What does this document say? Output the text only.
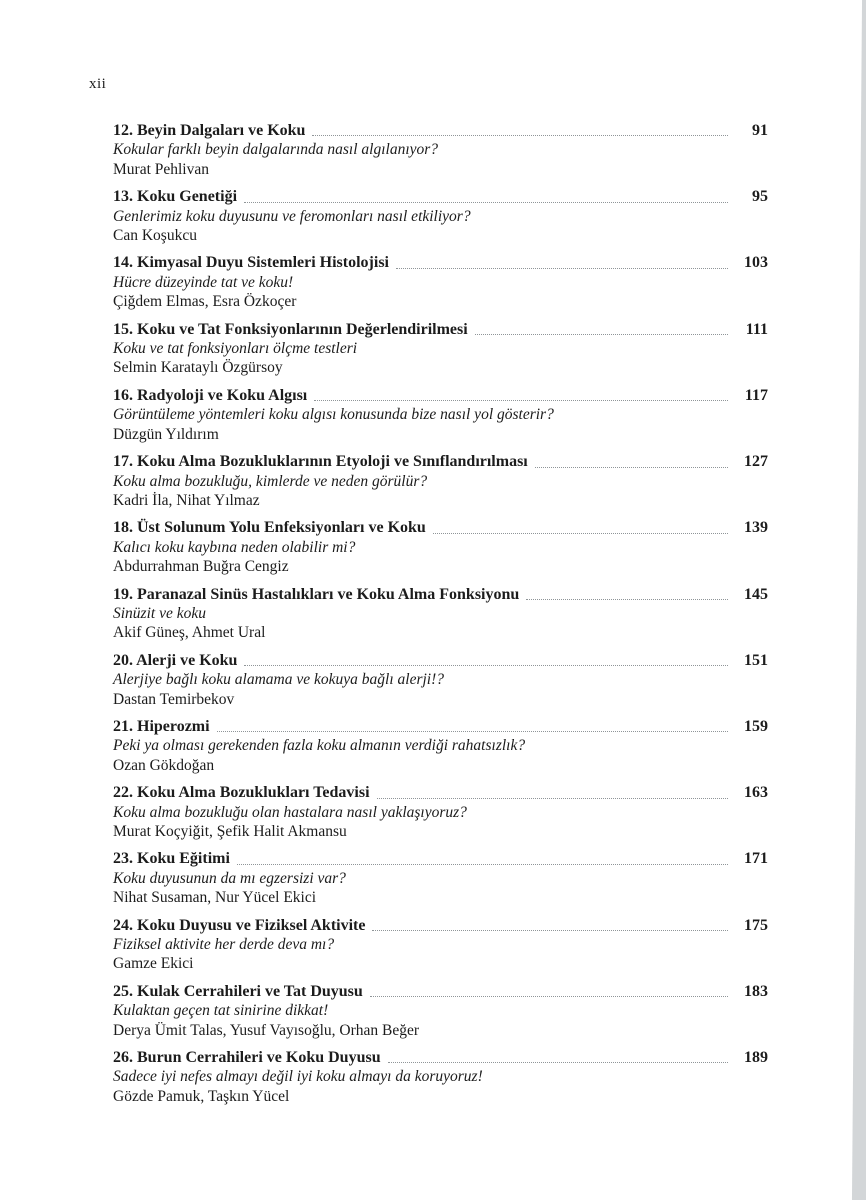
xii
12. Beyin Dalgaları ve Koku	91
Kokular farklı beyin dalgalarında nasıl algılanıyor?
Murat Pehlivan
13. Koku Genetiği	95
Genlerimiz koku duyusunu ve feromonları nasıl etkiliyor?
Can Koşukcu
14. Kimyasal Duyu Sistemleri Histolojisi	103
Hücre düzeyinde tat ve koku!
Çiğdem Elmas, Esra Özkoçer
15. Koku ve Tat Fonksiyonlarının Değerlendirilmesi	111
Koku ve tat fonksiyonları ölçme testleri
Selmin Karataylı Özgürsoy
16. Radyoloji ve Koku Algısı	117
Görüntüleme yöntemleri koku algısı konusunda bize nasıl yol gösterir?
Düzgün Yıldırım
17. Koku Alma Bozukluklarının Etyoloji ve Sınıflandırılması	127
Koku alma bozukluğu, kimlerde ve neden görülür?
Kadri İla, Nihat Yılmaz
18. Üst Solunum Yolu Enfeksiyonları ve Koku	139
Kalıcı koku kaybına neden olabilir mi?
Abdurrahman Buğra Cengiz
19. Paranazal Sinüs Hastalıkları ve Koku Alma Fonksiyonu	145
Sinüzit ve koku
Akif Güneş, Ahmet Ural
20. Alerji ve Koku	151
Alerjiye bağlı koku alamama ve kokuya bağlı alerji!?
Dastan Temirbekov
21. Hiperozmi	159
Peki ya olması gerekenden fazla koku almanın verdiği rahatsızlık?
Ozan Gökdoğan
22. Koku Alma Bozuklukları Tedavisi	163
Koku alma bozukluğu olan hastalara nasıl yaklaşıyoruz?
Murat Koçyiğit, Şefik Halit Akmansu
23. Koku Eğitimi	171
Koku duyusunun da mı egzersizi var?
Nihat Susaman, Nur Yücel Ekici
24. Koku Duyusu ve Fiziksel Aktivite	175
Fiziksel aktivite her derde deva mı?
Gamze Ekici
25. Kulak Cerrahileri ve Tat Duyusu	183
Kulaktan geçen tat sinirine dikkat!
Derya Ümit Talas, Yusuf Vayısoğlu, Orhan Beğer
26. Burun Cerrahileri ve Koku Duyusu	189
Sadece iyi nefes almayı değil iyi koku almayı da koruyoruz!
Gözde Pamuk, Taşkın Yücel
